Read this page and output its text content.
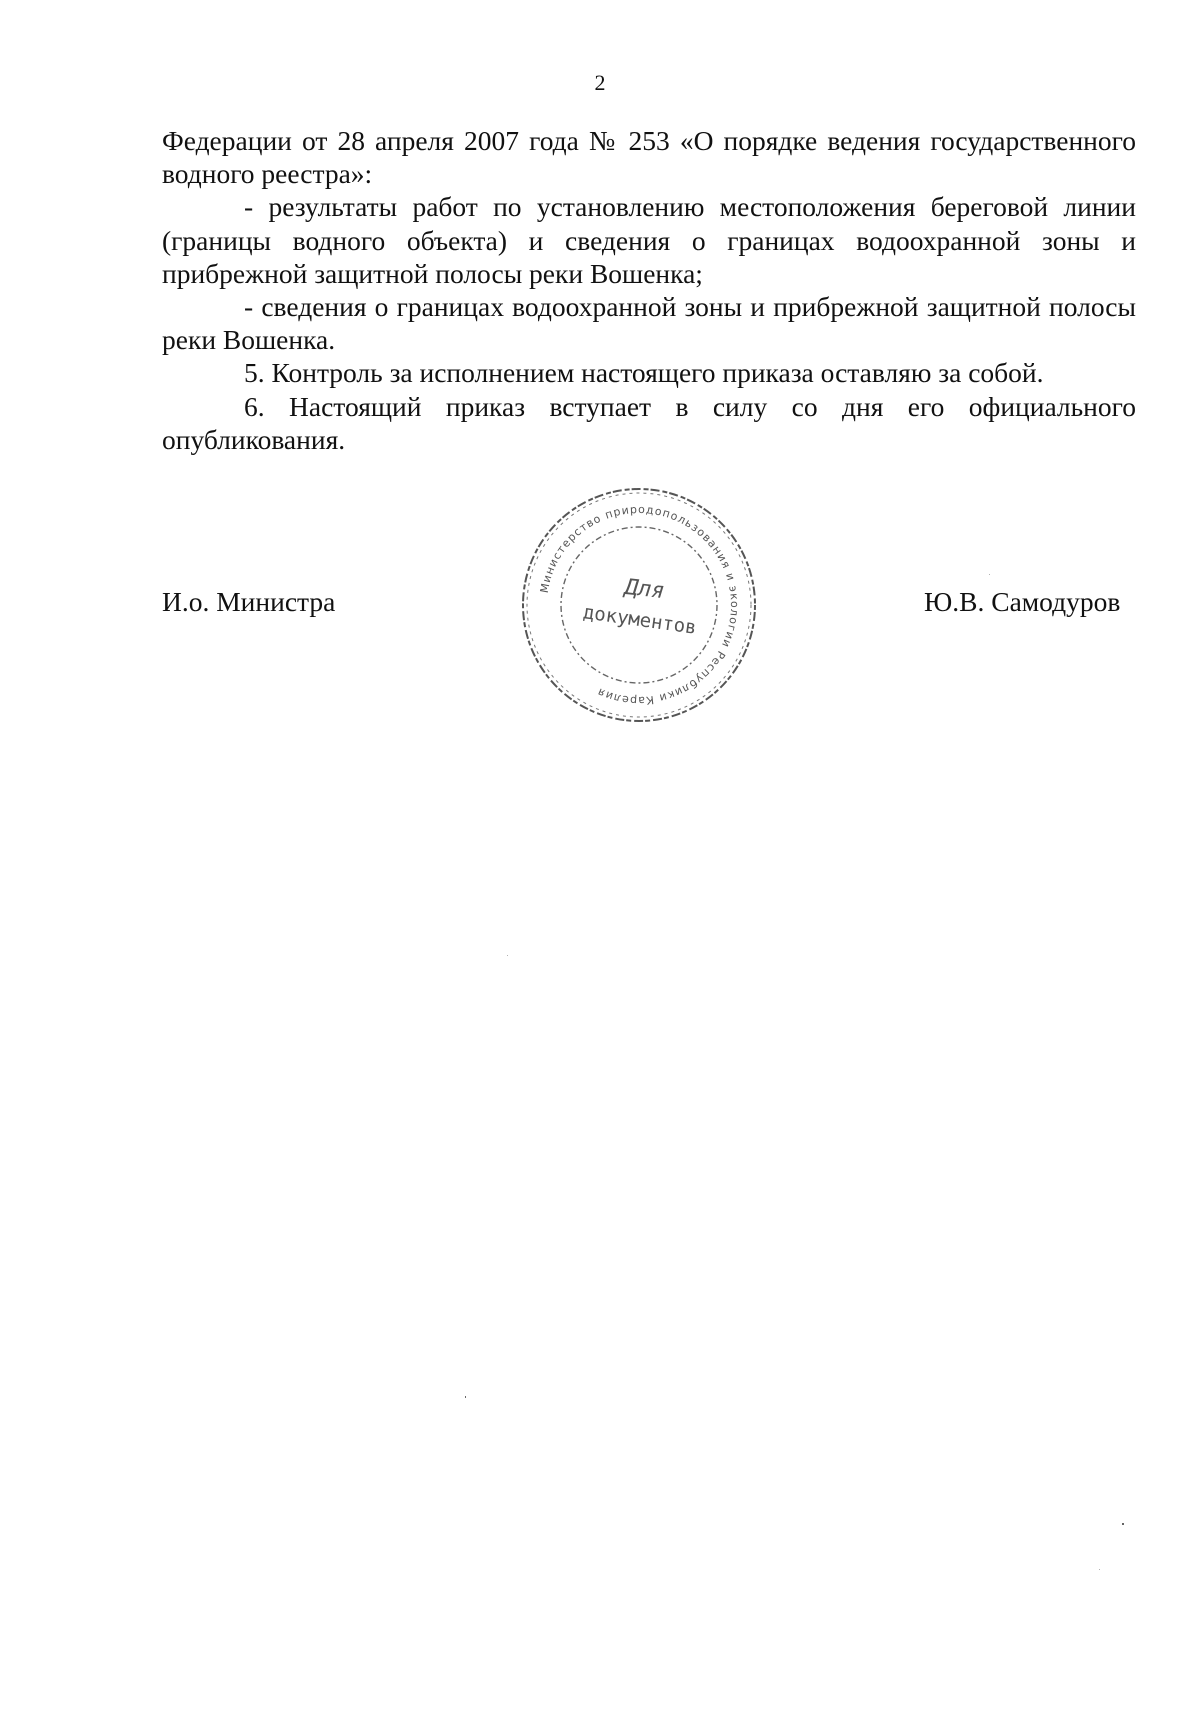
2

Федерации от 28 апреля 2007 года № 253 «О порядке ведения государственного водного реестра»:

- результаты работ по установлению местоположения береговой линии (границы водного объекта) и сведения о границах водоохранной зоны и прибрежной защитной полосы реки Вошенка;

- сведения о границах водоохранной зоны и прибрежной защитной полосы реки Вошенка.

5. Контроль за исполнением настоящего приказа оставляю за собой.

6. Настоящий приказ вступает в силу со дня его официального опубликования.

И.о. Министра	Министерство природопользования и экологии Республики Карелия
Для
документов	Ю.В. Самодуров
